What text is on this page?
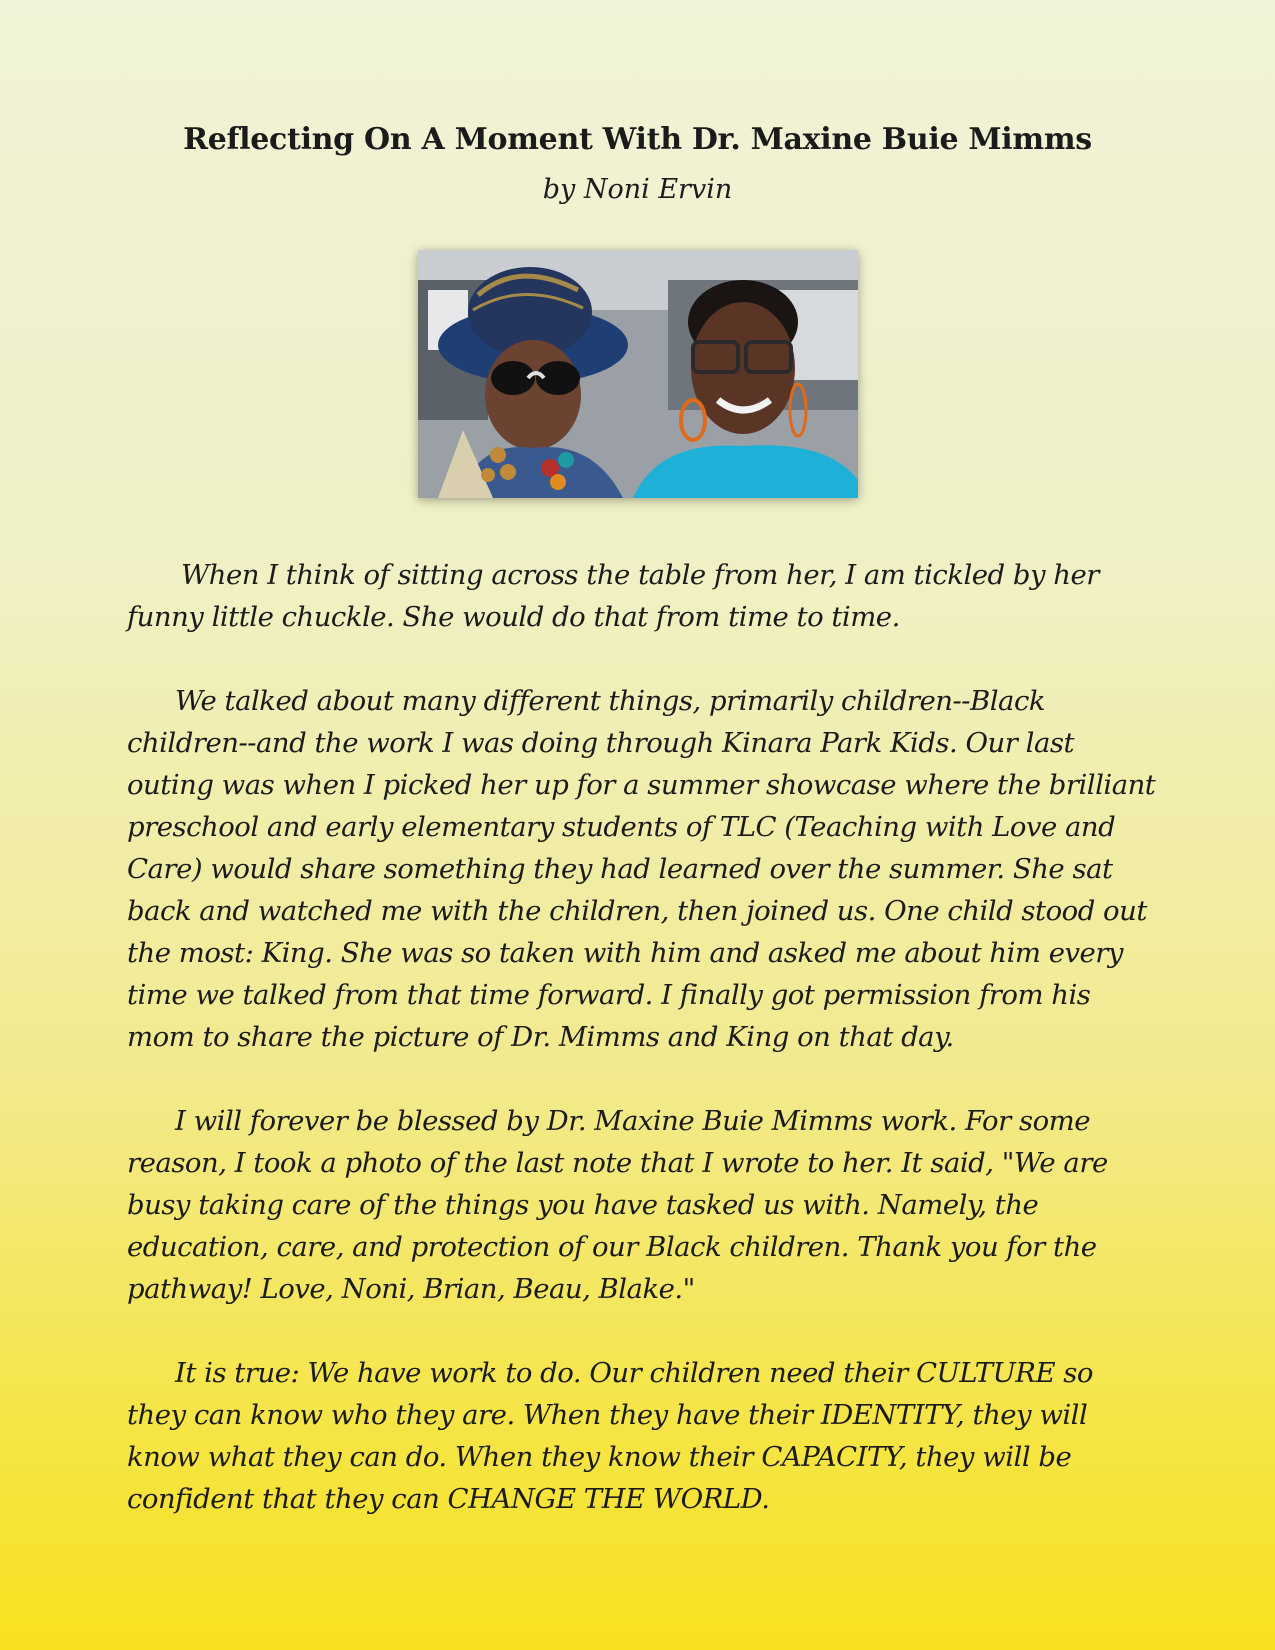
Reflecting On A Moment With Dr. Maxine Buie Mimms
by Noni Ervin

When I think of sitting across the table from her, I am tickled by her funny little chuckle. She would do that from time to time.

We talked about many different things, primarily children--Black children--and the work I was doing through Kinara Park Kids. Our last outing was when I picked her up for a summer showcase where the brilliant preschool and early elementary students of TLC (Teaching with Love and Care) would share something they had learned over the summer. She sat back and watched me with the children, then joined us. One child stood out the most: King. She was so taken with him and asked me about him every time we talked from that time forward. I finally got permission from his mom to share the picture of Dr. Mimms and King on that day.

I will forever be blessed by Dr. Maxine Buie Mimms work. For some reason, I took a photo of the last note that I wrote to her. It said, "We are busy taking care of the things you have tasked us with. Namely, the education, care, and protection of our Black children. Thank you for the pathway! Love, Noni, Brian, Beau, Blake."

It is true: We have work to do. Our children need their CULTURE so they can know who they are. When they have their IDENTITY, they will know what they can do. When they know their CAPACITY, they will be confident that they can CHANGE THE WORLD.
